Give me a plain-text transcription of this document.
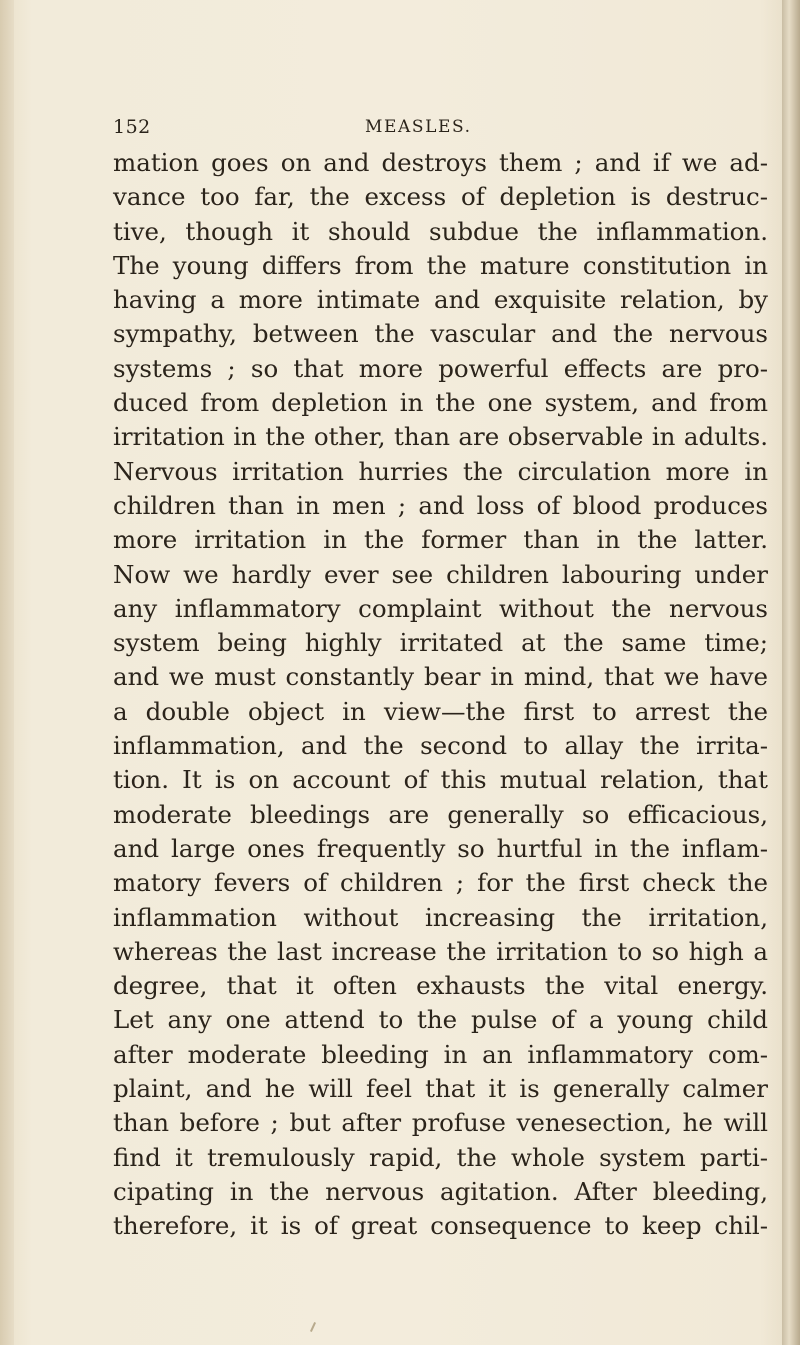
152	MEASLES.
mation goes on and destroys them ; and if we ad-
vance too far, the excess of depletion is destruc-
tive, though it should subdue the inflammation.
The young differs from the mature constitution in
having a more intimate and exquisite relation, by
sympathy, between the vascular and the nervous
systems ; so that more powerful effects are pro-
duced from depletion in the one system, and from
irritation in the other, than are observable in adults.
Nervous irritation hurries the circulation more in
children than in men ; and loss of blood produces
more irritation in the former than in the latter.
Now we hardly ever see children labouring under
any inflammatory complaint without the nervous
system being highly irritated at the same time;
and we must constantly bear in mind, that we have
a double object in view—the first to arrest the
inflammation, and the second to allay the irrita-
tion. It is on account of this mutual relation, that
moderate bleedings are generally so efficacious,
and large ones frequently so hurtful in the inflam-
matory fevers of children ; for the first check the
inflammation without increasing the irritation,
whereas the last increase the irritation to so high a
degree, that it often exhausts the vital energy.
Let any one attend to the pulse of a young child
after moderate bleeding in an inflammatory com-
plaint, and he will feel that it is generally calmer
than before ; but after profuse venesection, he will
find it tremulously rapid, the whole system parti-
cipating in the nervous agitation. After bleeding,
therefore, it is of great consequence to keep chil-
